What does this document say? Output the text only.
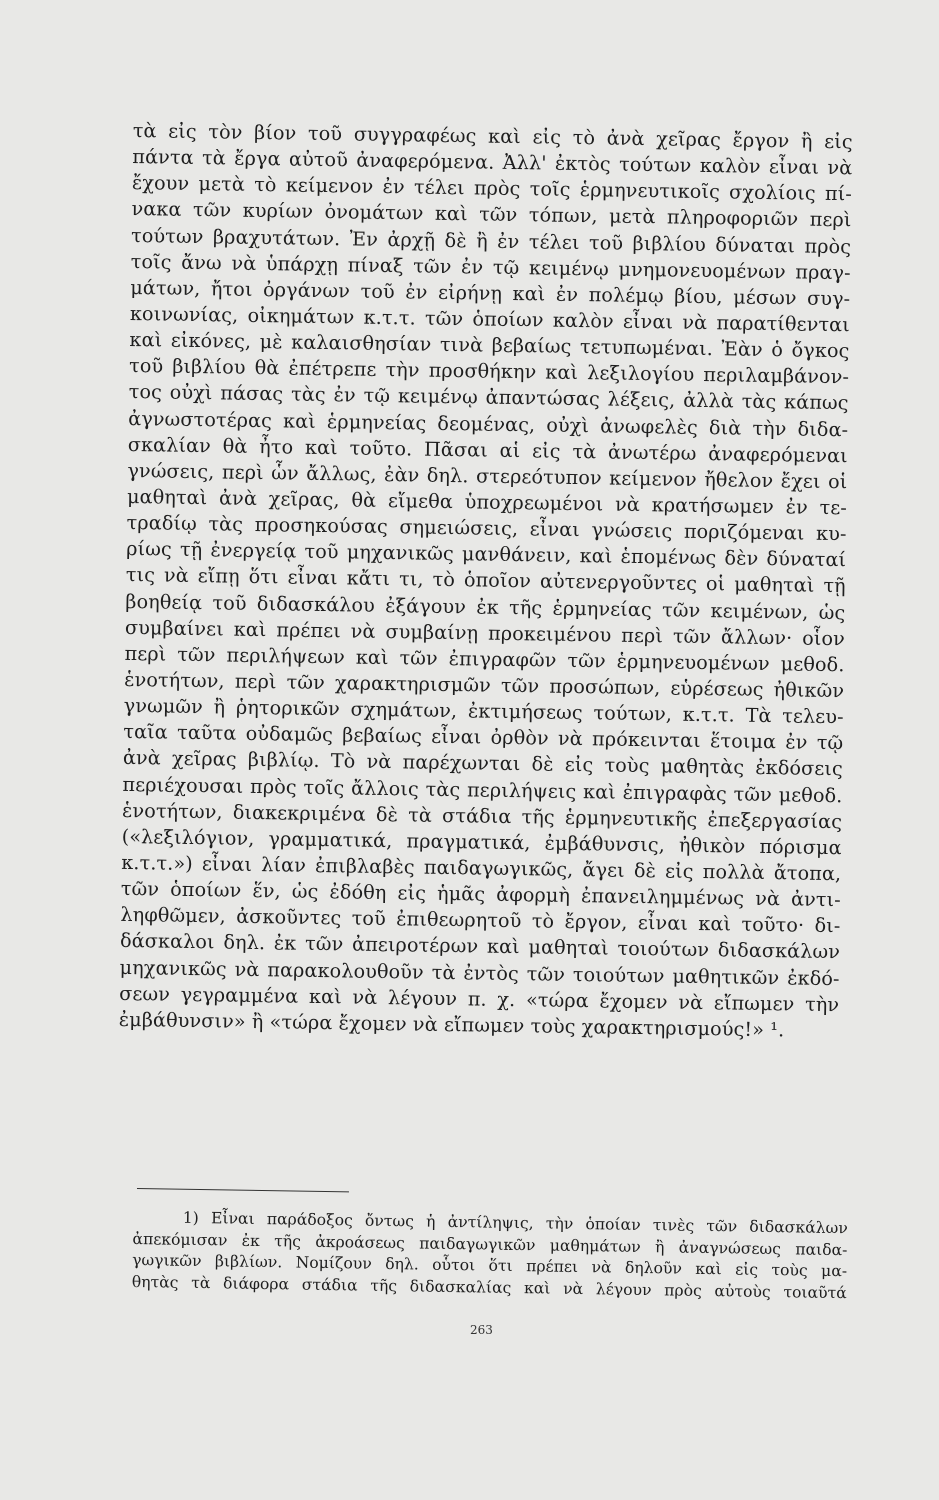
τὰ εἰς τὸν βίον τοῦ συγγραφέως καὶ εἰς τὸ ἀνὰ χεῖρας ἔργον ἢ εἰς
πάντα τὰ ἔργα αὐτοῦ ἀναφερόμενα. Ἀλλ' ἐκτὸς τούτων καλὸν εἶναι νὰ
ἔχουν μετὰ τὸ κείμενον ἐν τέλει πρὸς τοῖς ἑρμηνευτικοῖς σχολίοις πί-
νακα τῶν κυρίων ὀνομάτων καὶ τῶν τόπων, μετὰ πληροφοριῶν περὶ
τούτων βραχυτάτων. Ἐν ἀρχῇ δὲ ἢ ἐν τέλει τοῦ βιβλίου δύναται πρὸς
τοῖς ἄνω νὰ ὑπάρχῃ πίναξ τῶν ἐν τῷ κειμένῳ μνημονευομένων πραγ-
μάτων, ἤτοι ὀργάνων τοῦ ἐν εἰρήνῃ καὶ ἐν πολέμῳ βίου, μέσων συγ-
κοινωνίας, οἰκημάτων κ.τ.τ. τῶν ὁποίων καλὸν εἶναι νὰ παρατίθενται
καὶ εἰκόνες, μὲ καλαισθησίαν τινὰ βεβαίως τετυπωμέναι. Ἐὰν ὁ ὄγκος
τοῦ βιβλίου θὰ ἐπέτρεπε τὴν προσθήκην καὶ λεξιλογίου περιλαμβάνον-
τος οὐχὶ πάσας τὰς ἐν τῷ κειμένῳ ἀπαντώσας λέξεις, ἀλλὰ τὰς κάπως
ἀγνωστοτέρας καὶ ἑρμηνείας δεομένας, οὐχὶ ἀνωφελὲς διὰ τὴν διδα-
σκαλίαν θὰ ἦτο καὶ τοῦτο. Πᾶσαι αἱ εἰς τὰ ἀνωτέρω ἀναφερόμεναι
γνώσεις, περὶ ὧν ἄλλως, ἐὰν δηλ. στερεότυπον κείμενον ἤθελον ἔχει οἱ
μαθηταὶ ἀνὰ χεῖρας, θὰ εἴμεθα ὑποχρεωμένοι νὰ κρατήσωμεν ἐν τε-
τραδίῳ τὰς προσηκούσας σημειώσεις, εἶναι γνώσεις ποριζόμεναι κυ-
ρίως τῇ ἐνεργείᾳ τοῦ μηχανικῶς μανθάνειν, καὶ ἑπομένως δὲν δύναταί
τις νὰ εἴπῃ ὅτι εἶναι κἄτι τι, τὸ ὁποῖον αὐτενεργοῦντες οἱ μαθηταὶ τῇ
βοηθείᾳ τοῦ διδασκάλου ἐξάγουν ἐκ τῆς ἑρμηνείας τῶν κειμένων, ὡς
συμβαίνει καὶ πρέπει νὰ συμβαίνῃ προκειμένου περὶ τῶν ἄλλων· οἷον
περὶ τῶν περιλήψεων καὶ τῶν ἐπιγραφῶν τῶν ἑρμηνευομένων μεθοδ.
ἑνοτήτων, περὶ τῶν χαρακτηρισμῶν τῶν προσώπων, εὑρέσεως ἠθικῶν
γνωμῶν ἢ ῥητορικῶν σχημάτων, ἐκτιμήσεως τούτων, κ.τ.τ. Τὰ τελευ-
ταῖα ταῦτα οὐδαμῶς βεβαίως εἶναι ὀρθὸν νὰ πρόκεινται ἕτοιμα ἐν τῷ
ἀνὰ χεῖρας βιβλίῳ. Τὸ νὰ παρέχωνται δὲ εἰς τοὺς μαθητὰς ἐκδόσεις
περιέχουσαι πρὸς τοῖς ἄλλοις τὰς περιλήψεις καὶ ἐπιγραφὰς τῶν μεθοδ.
ἑνοτήτων, διακεκριμένα δὲ τὰ στάδια τῆς ἑρμηνευτικῆς ἐπεξεργασίας
(«λεξιλόγιον, γραμματικά, πραγματικά, ἐμβάθυνσις, ἠθικὸν πόρισμα
κ.τ.τ.») εἶναι λίαν ἐπιβλαβὲς παιδαγωγικῶς, ἄγει δὲ εἰς πολλὰ ἄτοπα,
τῶν ὁποίων ἕν, ὡς ἐδόθη εἰς ἡμᾶς ἀφορμὴ ἐπανειλημμένως νὰ ἀντι-
ληφθῶμεν, ἀσκοῦντες τοῦ ἐπιθεωρητοῦ τὸ ἔργον, εἶναι καὶ τοῦτο· δι-
δάσκαλοι δηλ. ἐκ τῶν ἀπειροτέρων καὶ μαθηταὶ τοιούτων διδασκάλων
μηχανικῶς νὰ παρακολουθοῦν τὰ ἐντὸς τῶν τοιούτων μαθητικῶν ἐκδό-
σεων γεγραμμένα καὶ νὰ λέγουν π. χ. «τώρα ἔχομεν νὰ εἴπωμεν τὴν
ἐμβάθυνσιν» ἢ «τώρα ἔχομεν νὰ εἴπωμεν τοὺς χαρακτηρισμούς!» ¹.
1) Εἶναι παράδοξος ὄντως ἡ ἀντίληψις, τὴν ὁποίαν τινὲς τῶν διδασκάλων
ἀπεκόμισαν ἐκ τῆς ἀκροάσεως παιδαγωγικῶν μαθημάτων ἢ ἀναγνώσεως παιδα-
γωγικῶν βιβλίων. Νομίζουν δηλ. οὗτοι ὅτι πρέπει νὰ δηλοῦν καὶ εἰς τοὺς μα-
θητὰς τὰ διάφορα στάδια τῆς διδασκαλίας καὶ νὰ λέγουν πρὸς αὐτοὺς τοιαῦτά
263
